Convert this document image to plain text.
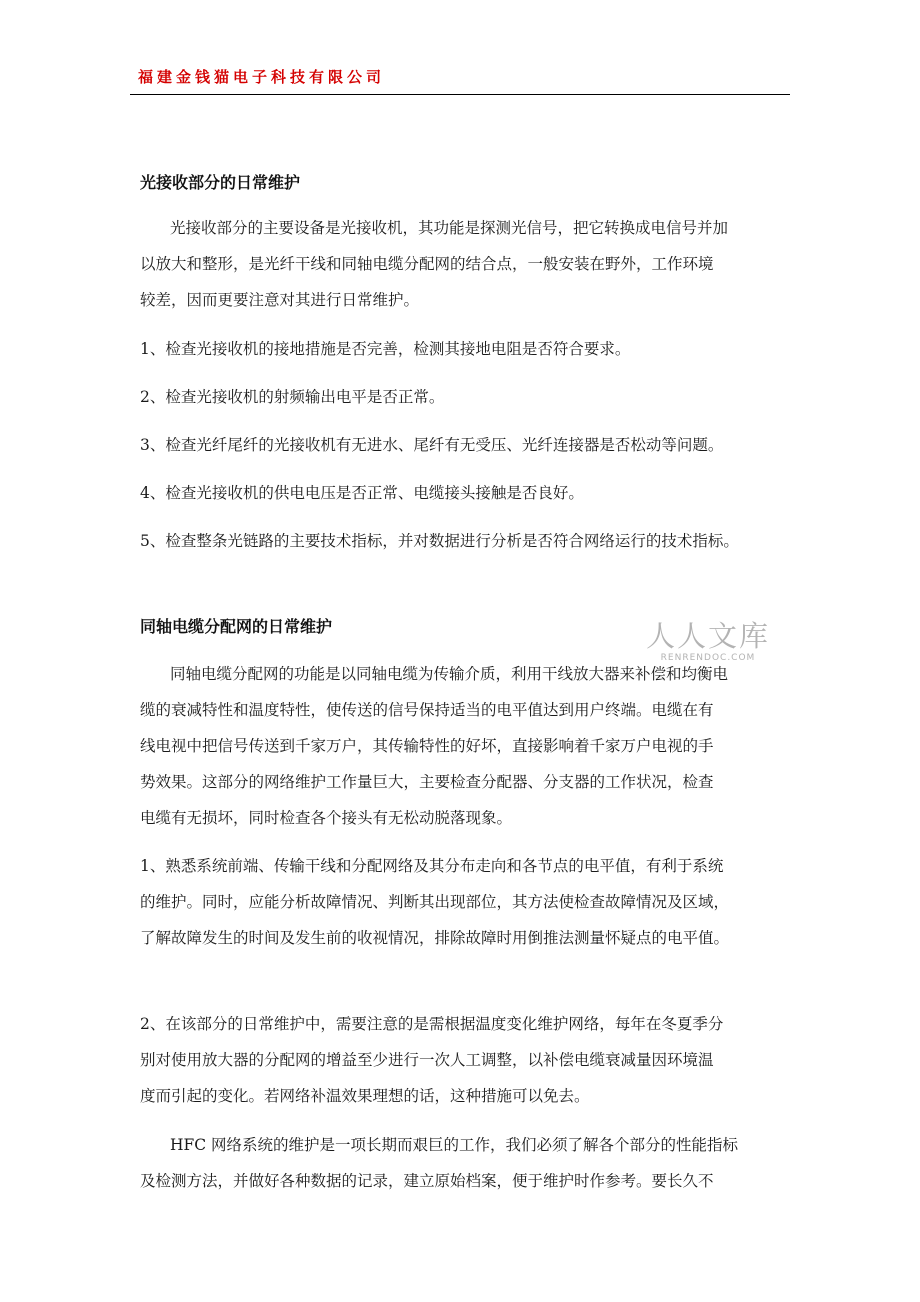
福建金钱猫电子科技有限公司
光接收部分的日常维护
光接收部分的主要设备是光接收机，其功能是探测光信号，把它转换成电信号并加
以放大和整形，是光纤干线和同轴电缆分配网的结合点，一般安装在野外，工作环境
较差，因而更要注意对其进行日常维护。
1、检查光接收机的接地措施是否完善，检测其接地电阻是否符合要求。
2、检查光接收机的射频输出电平是否正常。
3、检查光纤尾纤的光接收机有无进水、尾纤有无受压、光纤连接器是否松动等问题。
4、检查光接收机的供电电压是否正常、电缆接头接触是否良好。
5、检查整条光链路的主要技术指标，并对数据进行分析是否符合网络运行的技术指标。
同轴电缆分配网的日常维护
同轴电缆分配网的功能是以同轴电缆为传输介质，利用干线放大器来补偿和均衡电
缆的衰减特性和温度特性，使传送的信号保持适当的电平值达到用户终端。电缆在有
线电视中把信号传送到千家万户，其传输特性的好坏，直接影响着千家万户电视的手
势效果。这部分的网络维护工作量巨大，主要检查分配器、分支器的工作状况，检查
电缆有无损坏，同时检查各个接头有无松动脱落现象。
1、熟悉系统前端、传输干线和分配网络及其分布走向和各节点的电平值，有利于系统
的维护。同时，应能分析故障情况、判断其出现部位，其方法使检查故障情况及区域，
了解故障发生的时间及发生前的收视情况，排除故障时用倒推法测量怀疑点的电平值。
2、在该部分的日常维护中，需要注意的是需根据温度变化维护网络，每年在冬夏季分
别对使用放大器的分配网的增益至少进行一次人工调整，以补偿电缆衰减量因环境温
度而引起的变化。若网络补温效果理想的话，这种措施可以免去。
HFC 网络系统的维护是一项长期而艰巨的工作，我们必须了解各个部分的性能指标
及检测方法，并做好各种数据的记录，建立原始档案，便于维护时作参考。要长久不
人人文库
RENRENDOC.COM
